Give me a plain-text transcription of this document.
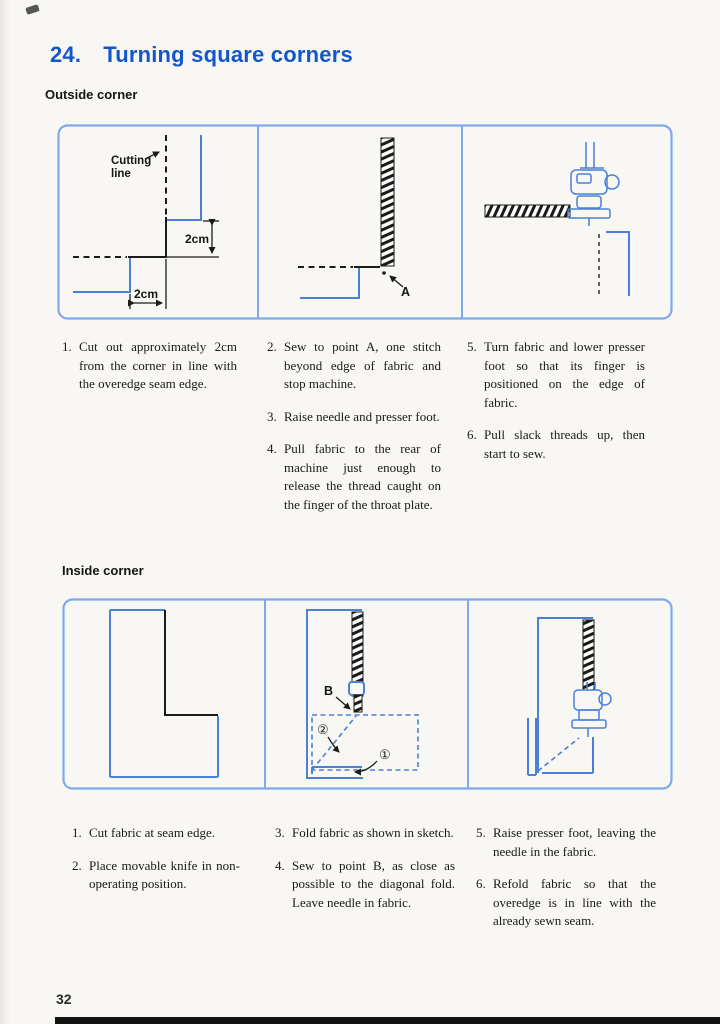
24. Turning square corners
Outside corner
Cutting
line
2cm
2cm	A
1. Cut out approximately 2cm from the corner in line with the overedge seam edge.
2. Sew to point A, one stitch beyond edge of fabric and stop machine.
3. Raise needle and presser foot.
4. Pull fabric to the rear of machine just enough to release the thread caught on the finger of the throat plate.
5. Turn fabric and lower presser foot so that its finger is positioned on the edge of fabric.
6. Pull slack threads up, then start to sew.
Inside corner
B
②
①
1. Cut fabric at seam edge.
2. Place movable knife in non-operating position.
3. Fold fabric as shown in sketch.
4. Sew to point B, as close as possible to the diagonal fold. Leave needle in fabric.
5. Raise presser foot, leaving the needle in the fabric.
6. Refold fabric so that the overedge is in line with the already sewn seam.
32
